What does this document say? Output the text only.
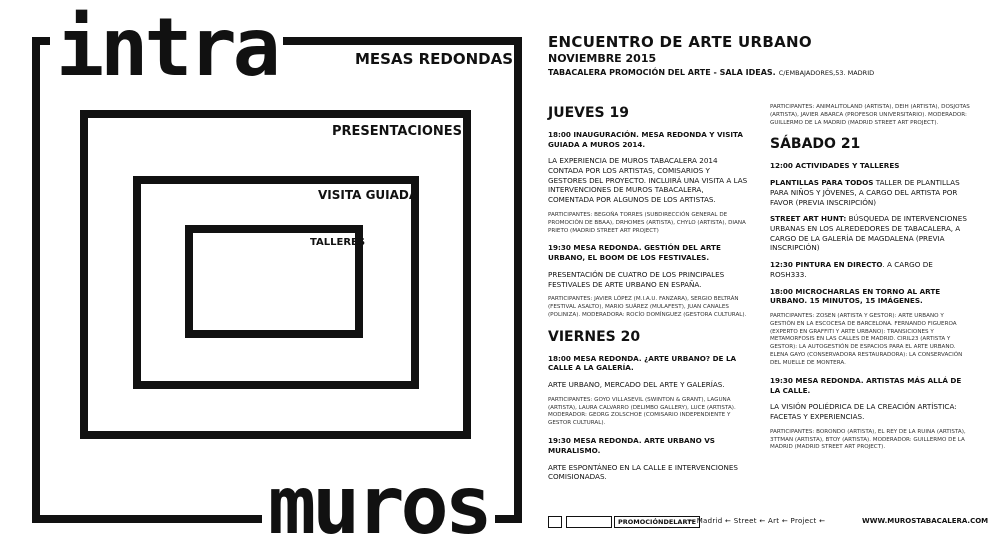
intra
muros
MESAS REDONDAS
PRESENTACIONES
VISITA GUIADA
TALLERES
ENCUENTRO DE ARTE URBANO
NOVIEMBRE 2015
TABACALERA PROMOCIÓN DEL ARTE - SALA IDEAS. C/EMBAJADORES,53. MADRID
JUEVES 19
18:00 INAUGURACIÓN. MESA REDONDA Y VISITA GUIADA A MUROS 2014.
LA EXPERIENCIA DE MUROS TABACALERA 2014 CONTADA POR LOS ARTISTAS, COMISARIOS Y GESTORES DEL PROYECTO. INCLUIRÁ UNA VISITA A LAS INTERVENCIONES DE MUROS TABACALERA, COMENTADA POR ALGUNOS DE LOS ARTISTAS.
PARTICIPANTES: BEGOÑA TORRES (SUBDIRECCIÓN GENERAL DE PROMOCIÓN DE BBAA), DRHOMES (ARTISTA), CHYLO (ARTISTA), DIANA PRIETO (MADRID STREET ART PROJECT)
19:30 MESA REDONDA. GESTIÓN DEL ARTE URBANO, EL BOOM DE LOS FESTIVALES.
PRESENTACIÓN DE CUATRO DE LOS PRINCIPALES FESTIVALES DE ARTE URBANO EN ESPAÑA.
PARTICIPANTES: JAVIER LÓPEZ (M.I.A.U. FANZARA), SERGIO BELTRÁN (FESTIVAL ASALTO), MARIO SUÁREZ (MULAFEST), JUAN CANALES (POLINIZA). MODERADORA: ROCÍO DOMÍNGUEZ (GESTORA CULTURAL).
VIERNES 20
18:00 MESA REDONDA. ¿ARTE URBANO? DE LA CALLE A LA GALERÍA.
ARTE URBANO, MERCADO DEL ARTE Y GALERÍAS.
PARTICIPANTES: GOYO VILLASEVIL (SWINTON & GRANT), LAGUNA (ARTISTA), LAURA CALVARRO (DELIMBO GALLERY), LUCE (ARTISTA). MODERADOR: GEORG ZOLSCHOE (COMISARIO INDEPENDIENTE Y GESTOR CULTURAL).
19:30 MESA REDONDA. ARTE URBANO VS MURALISMO.
ARTE ESPONTÁNEO EN LA CALLE E INTERVENCIONES COMISIONADAS.
PARTICIPANTES: ANIMALITOLAND (ARTISTA), DEIH (ARTISTA), DOSJOTAS (ARTISTA), JAVIER ABARCA (PROFESOR UNIVERSITARIO). MODERADOR: GUILLERMO DE LA MADRID (MADRID STREET ART PROJECT).
SÁBADO 21
12:00 ACTIVIDADES Y TALLERES
PLANTILLAS PARA TODOS TALLER DE PLANTILLAS PARA NIÑOS Y JÓVENES, A CARGO DEL ARTISTA POR FAVOR (PREVIA INSCRIPCIÓN)
STREET ART HUNT: BÚSQUEDA DE INTERVENCIONES URBANAS EN LOS ALREDEDORES DE TABACALERA, A CARGO DE LA GALERÍA DE MAGDALENA (PREVIA INSCRIPCIÓN)
12:30 PINTURA EN DIRECTO. A CARGO DE ROSH333.
18:00 MICROCHARLAS EN TORNO AL ARTE URBANO. 15 MINUTOS, 15 IMÁGENES.
PARTICIPANTES: ZOSEN (ARTISTA Y GESTOR): ARTE URBANO Y GESTIÓN EN LA ESCOCESA DE BARCELONA. FERNANDO FIGUEROA (EXPERTO EN GRAFFITI Y ARTE URBANO): TRANSICIONES Y METAMORFOSIS EN LAS CALLES DE MADRID. CIRIL23 (ARTISTA Y GESTOR): LA AUTOGESTIÓN DE ESPACIOS PARA EL ARTE URBANO. ELENA GAYO (CONSERVADORA RESTAURADORA): LA CONSERVACIÓN DEL MUELLE DE MONTERA.
19:30 MESA REDONDA. ARTISTAS MÁS ALLÁ DE LA CALLE.
LA VISIÓN POLIÉDRICA DE LA CREACIÓN ARTÍSTICA: FACETAS Y EXPERIENCIAS.
PARTICIPANTES: BORONDO (ARTISTA), EL REY DE LA RUINA (ARTISTA), 3TTMAN (ARTISTA), BTOY (ARTISTA). MODERADOR: GUILLERMO DE LA MADRID (MADRID STREET ART PROJECT).
PROMOCIÓNDELARTE
← Madrid ← Street ← Art ← Project ←	WWW.MUROSTABACALERA.COM
